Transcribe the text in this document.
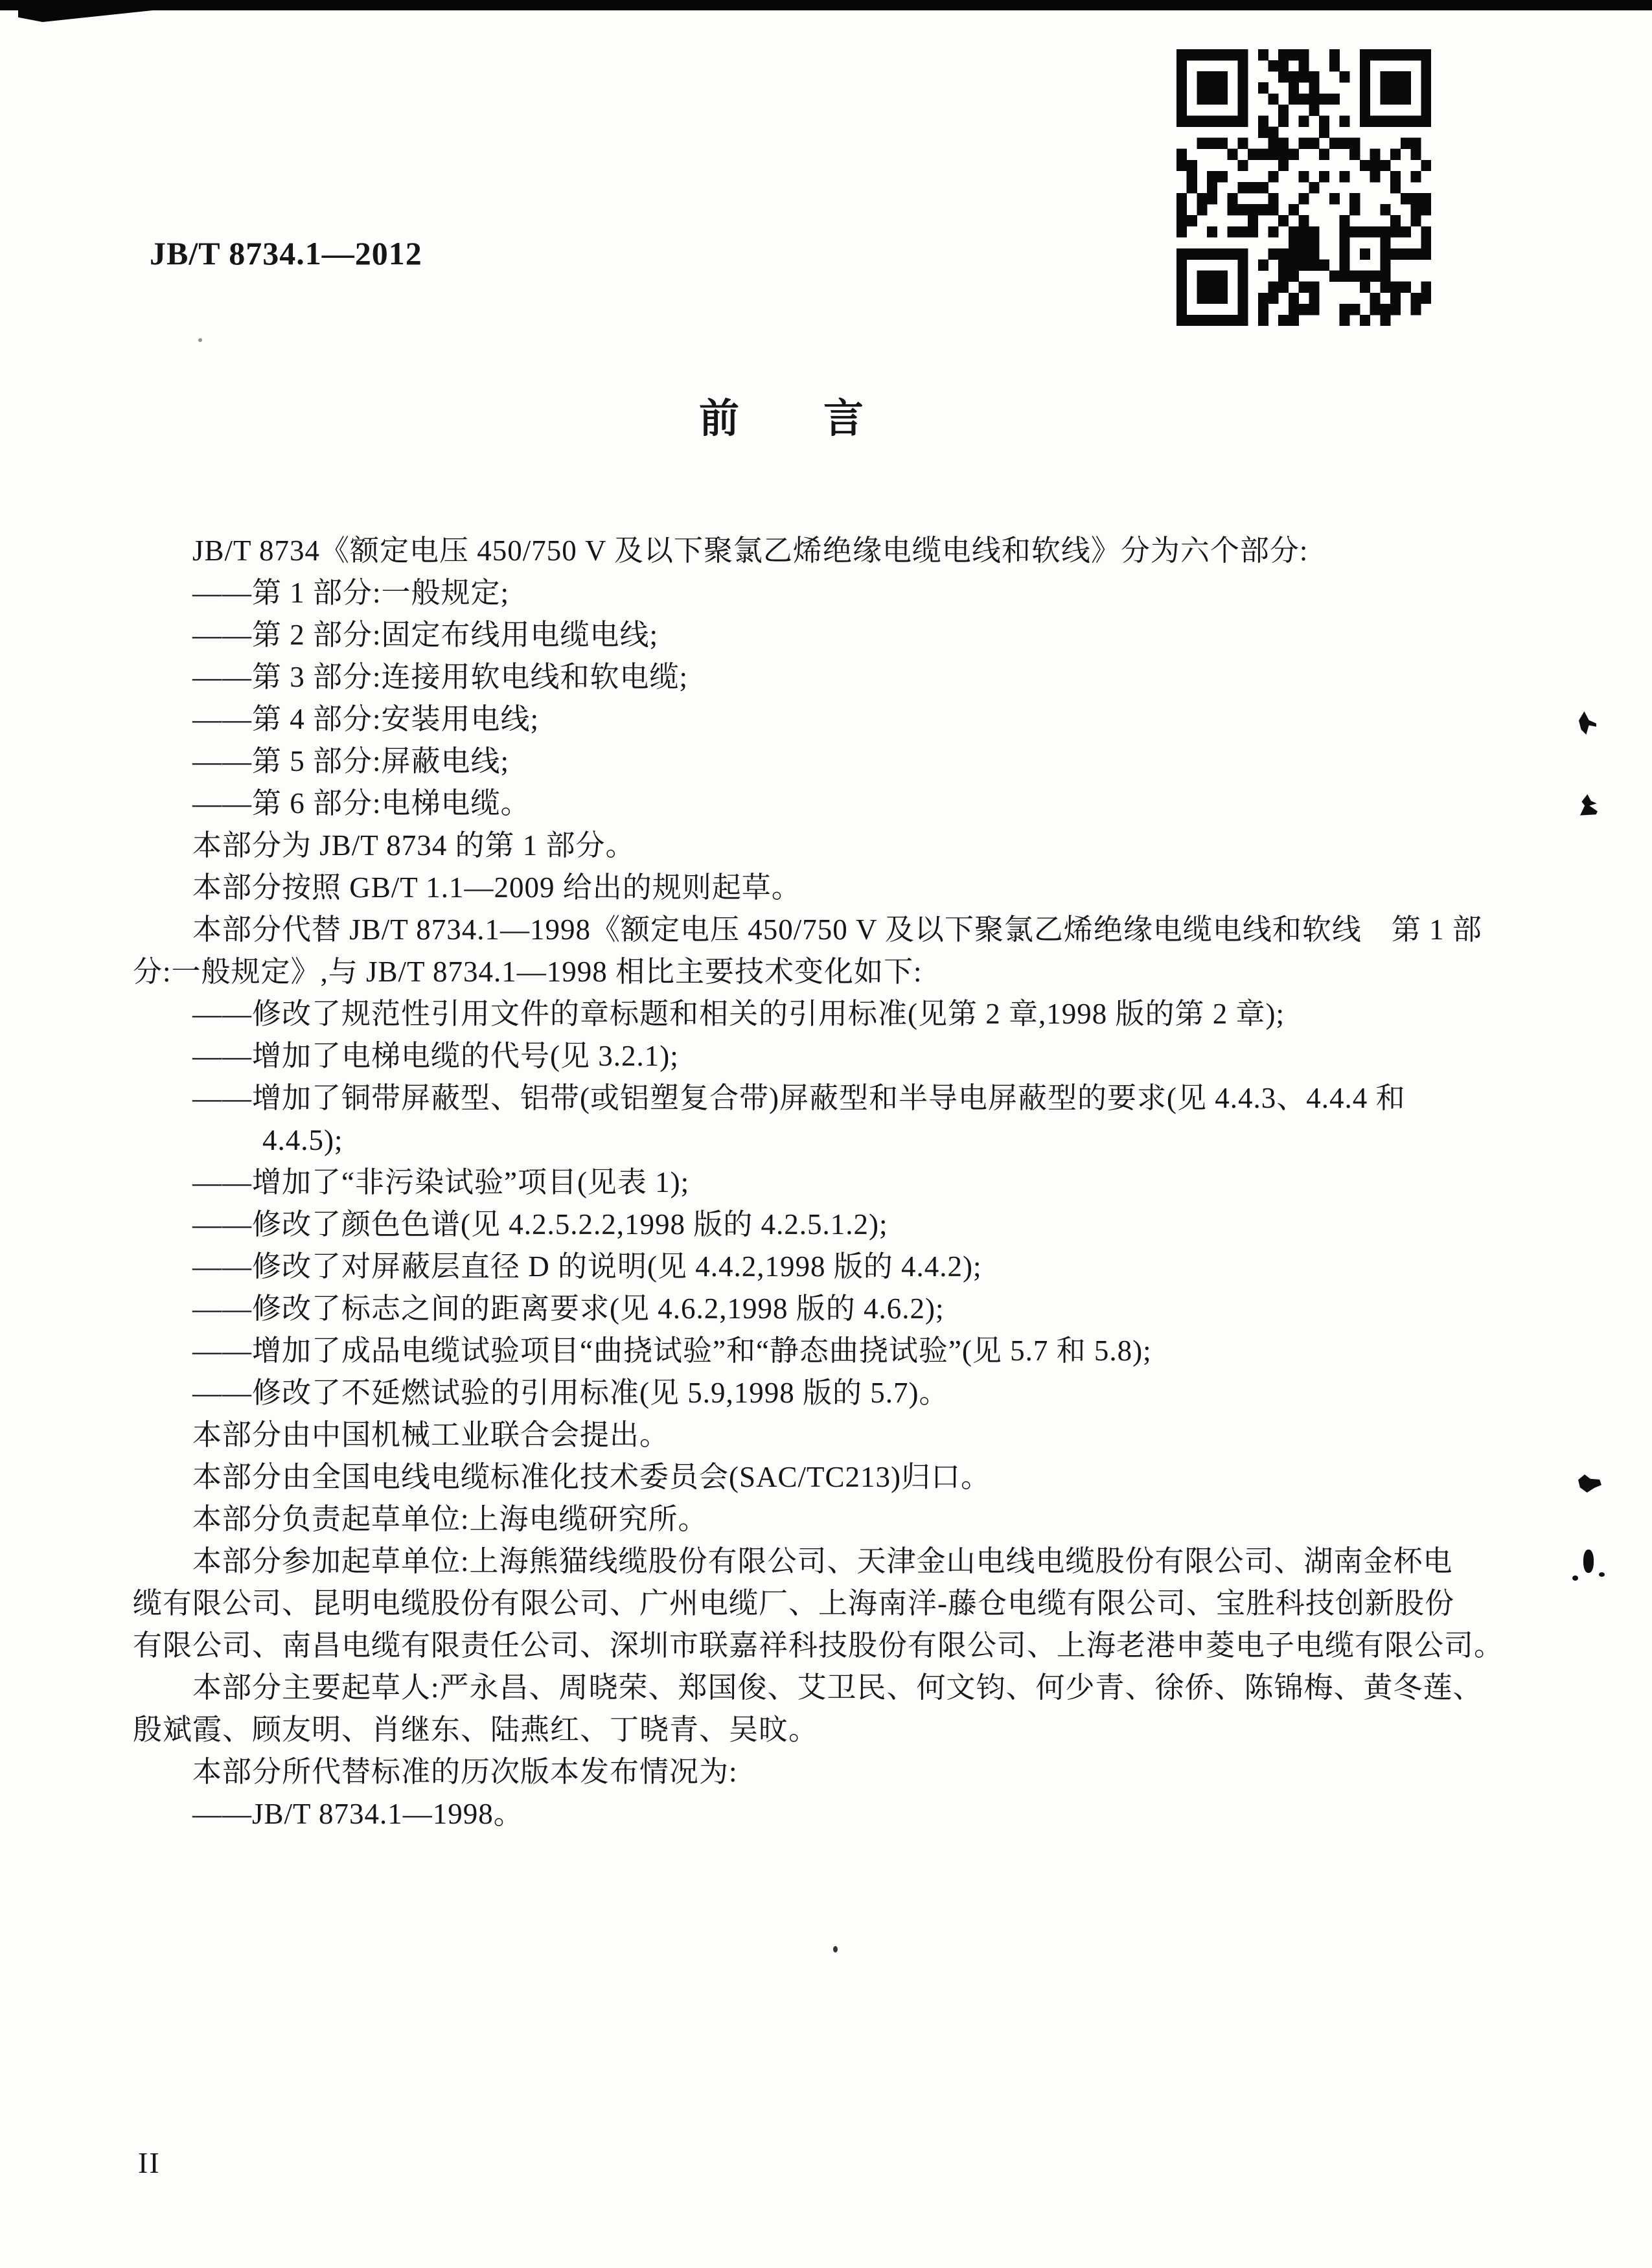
JB/T 8734.1—2012
前　　言

JB/T 8734《额定电压 450/750 V 及以下聚氯乙烯绝缘电缆电线和软线》分为六个部分:

——第 1 部分:一般规定;

——第 2 部分:固定布线用电缆电线;

——第 3 部分:连接用软电线和软电缆;

——第 4 部分:安装用电线;

——第 5 部分:屏蔽电线;

——第 6 部分:电梯电缆。

本部分为 JB/T 8734 的第 1 部分。

本部分按照 GB/T 1.1—2009 给出的规则起草。

本部分代替 JB/T 8734.1—1998《额定电压 450/750 V 及以下聚氯乙烯绝缘电缆电线和软线　第 1 部

分:一般规定》,与 JB/T 8734.1—1998 相比主要技术变化如下:

——修改了规范性引用文件的章标题和相关的引用标准(见第 2 章,1998 版的第 2 章);

——增加了电梯电缆的代号(见 3.2.1);

——增加了铜带屏蔽型、铝带(或铝塑复合带)屏蔽型和半导电屏蔽型的要求(见 4.4.3、4.4.4 和

4.4.5);

——增加了“非污染试验”项目(见表 1);

——修改了颜色色谱(见 4.2.5.2.2,1998 版的 4.2.5.1.2);

——修改了对屏蔽层直径 D 的说明(见 4.4.2,1998 版的 4.4.2);

——修改了标志之间的距离要求(见 4.6.2,1998 版的 4.6.2);

——增加了成品电缆试验项目“曲挠试验”和“静态曲挠试验”(见 5.7 和 5.8);

——修改了不延燃试验的引用标准(见 5.9,1998 版的 5.7)。

本部分由中国机械工业联合会提出。

本部分由全国电线电缆标准化技术委员会(SAC/TC213)归口。

本部分负责起草单位:上海电缆研究所。

本部分参加起草单位:上海熊猫线缆股份有限公司、天津金山电线电缆股份有限公司、湖南金杯电

缆有限公司、昆明电缆股份有限公司、广州电缆厂、上海南洋-藤仓电缆有限公司、宝胜科技创新股份

有限公司、南昌电缆有限责任公司、深圳市联嘉祥科技股份有限公司、上海老港申菱电子电缆有限公司。

本部分主要起草人:严永昌、周晓荣、郑国俊、艾卫民、何文钧、何少青、徐侨、陈锦梅、黄冬莲、

殷斌霞、顾友明、肖继东、陆燕红、丁晓青、吴旼。

本部分所代替标准的历次版本发布情况为:

——JB/T 8734.1—1998。

II
